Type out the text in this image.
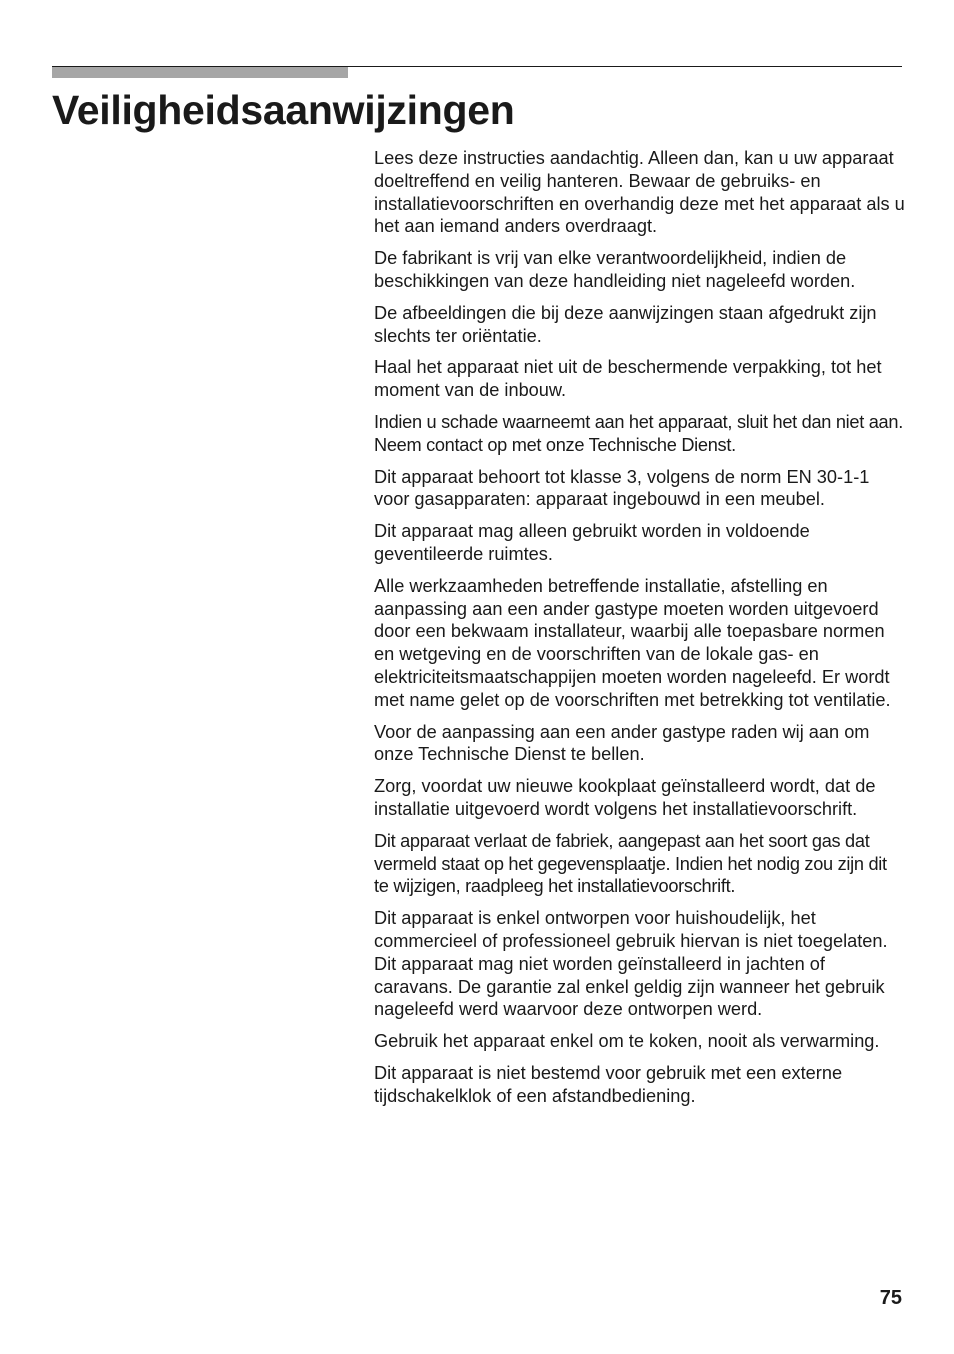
Veiligheidsaanwijzingen

Lees deze instructies aandachtig. Alleen dan, kan u uw apparaat doeltreffend en veilig hanteren. Bewaar de gebruiks- en installatievoorschriften en overhandig deze met het apparaat als u het aan iemand anders overdraagt.

De fabrikant is vrij van elke verantwoordelijkheid, indien de beschikkingen van deze handleiding niet nageleefd worden.

De afbeeldingen die bij deze aanwijzingen staan afgedrukt zijn slechts ter oriëntatie.

Haal het apparaat niet uit de beschermende verpakking, tot het moment van de inbouw.

Indien u schade waarneemt aan het apparaat, sluit het dan niet aan. Neem contact op met onze Technische Dienst.

Dit apparaat behoort tot klasse 3, volgens de norm EN 30-1-1 voor gasapparaten: apparaat ingebouwd in een meubel.

Dit apparaat mag alleen gebruikt worden in voldoende geventileerde ruimtes.

Alle werkzaamheden betreffende installatie, afstelling en aanpassing aan een ander gastype moeten worden uitgevoerd door een bekwaam installateur, waarbij alle toepasbare normen en wetgeving en de voorschriften van de lokale gas- en elektriciteitsmaatschappijen moeten worden nageleefd. Er wordt met name gelet op de voorschriften met betrekking tot ventilatie.

Voor de aanpassing aan een ander gastype raden wij aan om onze Technische Dienst te bellen.

Zorg, voordat uw nieuwe kookplaat geïnstalleerd wordt, dat de installatie uitgevoerd wordt volgens het installatievoorschrift.

Dit apparaat verlaat de fabriek, aangepast aan het soort gas dat vermeld staat op het gegevensplaatje. Indien het nodig zou zijn dit te wijzigen, raadpleeg het installatievoorschrift.

Dit apparaat is enkel ontworpen voor huishoudelijk, het commercieel of professioneel gebruik hiervan is niet toegelaten. Dit apparaat mag niet worden geïnstalleerd in jachten of caravans. De garantie zal enkel geldig zijn wanneer het gebruik nageleefd werd waarvoor deze ontworpen werd.

Gebruik het apparaat enkel om te koken, nooit als verwarming.

Dit apparaat is niet bestemd voor gebruik met een externe tijdschakelklok of een afstandbediening.

75
